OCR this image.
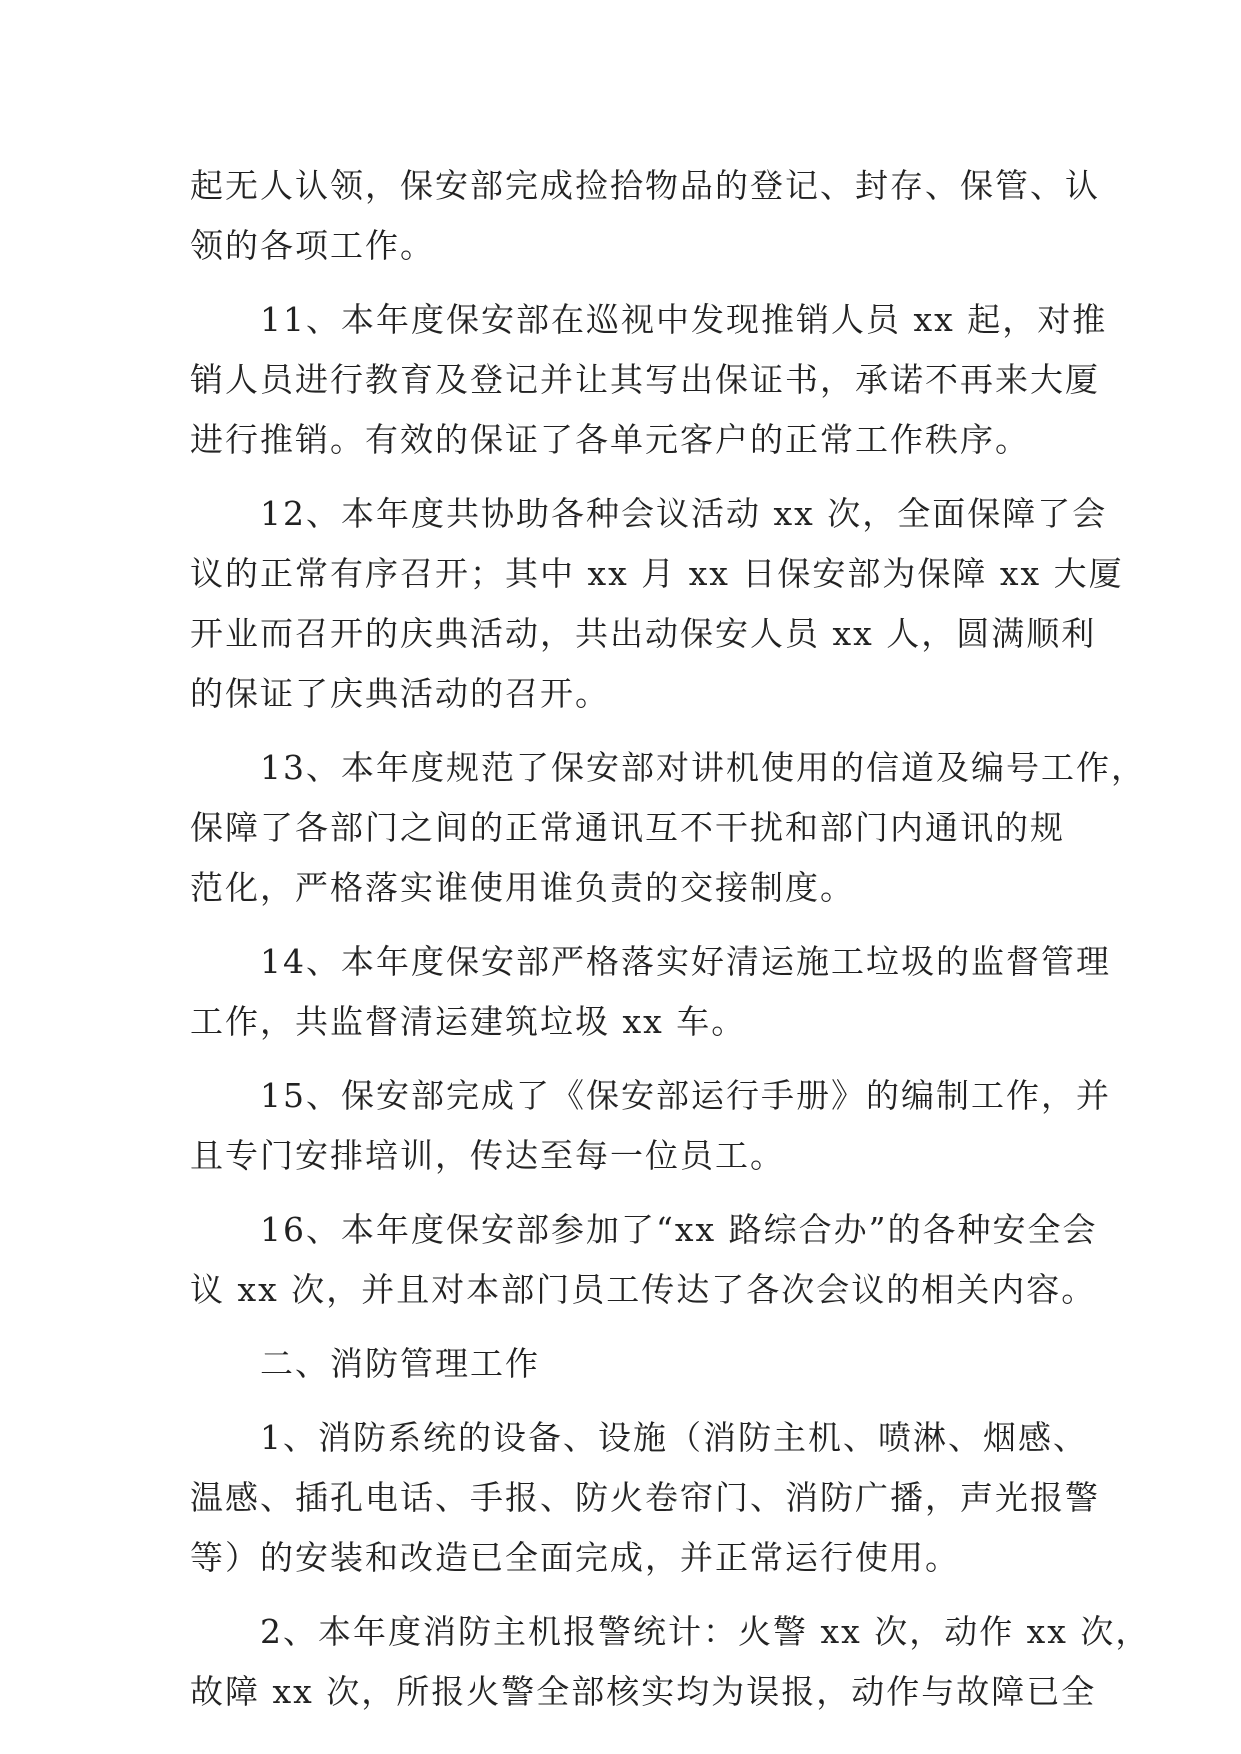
起无人认领，保安部完成捡拾物品的登记、封存、保管、认
领的各项工作。
　　11、本年度保安部在巡视中发现推销人员 xx 起，对推
销人员进行教育及登记并让其写出保证书，承诺不再来大厦
进行推销。有效的保证了各单元客户的正常工作秩序。
　　12、本年度共协助各种会议活动 xx 次，全面保障了会
议的正常有序召开；其中 xx 月 xx 日保安部为保障 xx 大厦
开业而召开的庆典活动，共出动保安人员 xx 人，圆满顺利
的保证了庆典活动的召开。
　　13、本年度规范了保安部对讲机使用的信道及编号工作，
保障了各部门之间的正常通讯互不干扰和部门内通讯的规
范化，严格落实谁使用谁负责的交接制度。
　　14、本年度保安部严格落实好清运施工垃圾的监督管理
工作，共监督清运建筑垃圾 xx 车。
　　15、保安部完成了《保安部运行手册》的编制工作，并
且专门安排培训，传达至每一位员工。
　　16、本年度保安部参加了“xx 路综合办”的各种安全会
议 xx 次，并且对本部门员工传达了各次会议的相关内容。
　　二、消防管理工作
　　1、消防系统的设备、设施（消防主机、喷淋、烟感、
温感、插孔电话、手报、防火卷帘门、消防广播，声光报警
等）的安装和改造已全面完成，并正常运行使用。
　　2、本年度消防主机报警统计：火警 xx 次，动作 xx 次，
故障 xx 次，所报火警全部核实均为误报，动作与故障已全
